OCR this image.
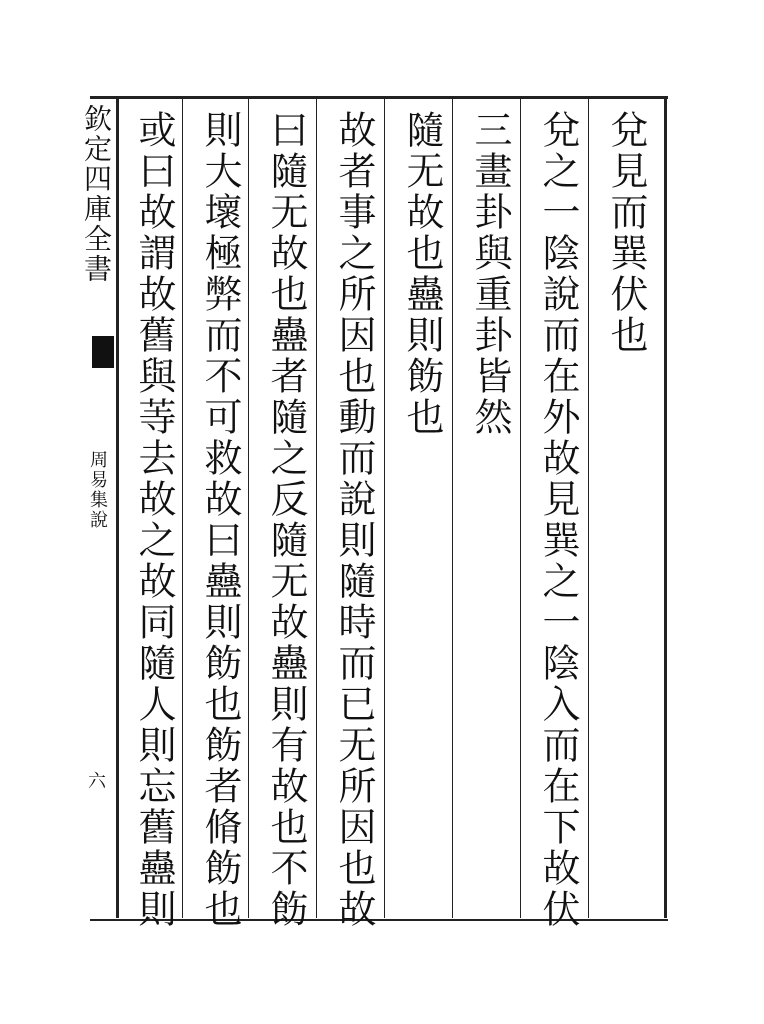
欽定四庫全書
周易集說
六
兌見而巽伏也
兌之一陰說而在外故見巽之一陰入而在下故伏
三畫卦與重卦皆然
隨无故也蠱則飭也
故者事之所因也動而說則隨時而已无所因也故
曰隨无故也蠱者隨之反隨无故蠱則有故也不飭
則大壞極弊而不可救故曰蠱則飭也飭者脩飭也
或曰故謂故舊與䓁去故之故同隨人則忘舊蠱則
